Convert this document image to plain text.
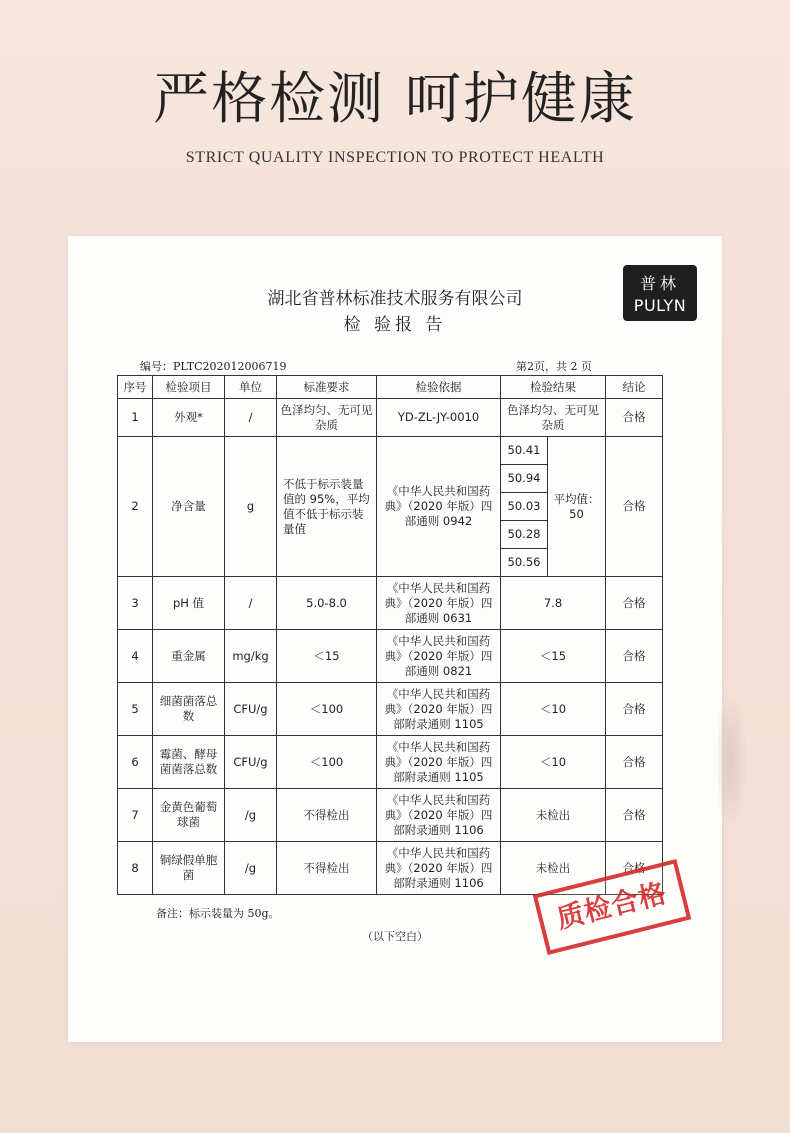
严格检测 呵护健康
STRICT QUALITY INSPECTION TO PROTECT HEALTH
普林
PULYN
湖北省普林标准技术服务有限公司
检 验报 告
编号：PLTC202012006719	第2页，共 2 页
序号	检验项目	单位	标准要求	检验依据	检验结果		结论
1	外观*	/	色泽均匀、无可见杂质	YD-ZL-JY-0010	色泽均匀、无可见杂质		合格
2	净含量	g	不低于标示装量值的 95%，平均值不低于标示装量值	《中华人民共和国药典》（2020 年版）四部通则 0942	50.41	平均值：50	合格
					50.94		
					50.03		
					50.28		
					50.56		
3	pH 值	/	5.0-8.0	《中华人民共和国药典》（2020 年版）四部通则 0631	7.8		合格
4	重金属	mg/kg	＜15	《中华人民共和国药典》（2020 年版）四部通则 0821	＜15		合格
5	细菌菌落总数	CFU/g	＜100	《中华人民共和国药典》（2020 年版）四部附录通则 1105	＜10		合格
6	霉菌、酵母菌菌落总数	CFU/g	＜100	《中华人民共和国药典》（2020 年版）四部附录通则 1105	＜10		合格
7	金黄色葡萄球菌	/g	不得检出	《中华人民共和国药典》（2020 年版）四部附录通则 1106	未检出		合格
8	铜绿假单胞菌	/g	不得检出	《中华人民共和国药典》（2020 年版）四部附录通则 1106	未检出		合格
备注：标示装量为 50g。
（以下空白）
质检合格
